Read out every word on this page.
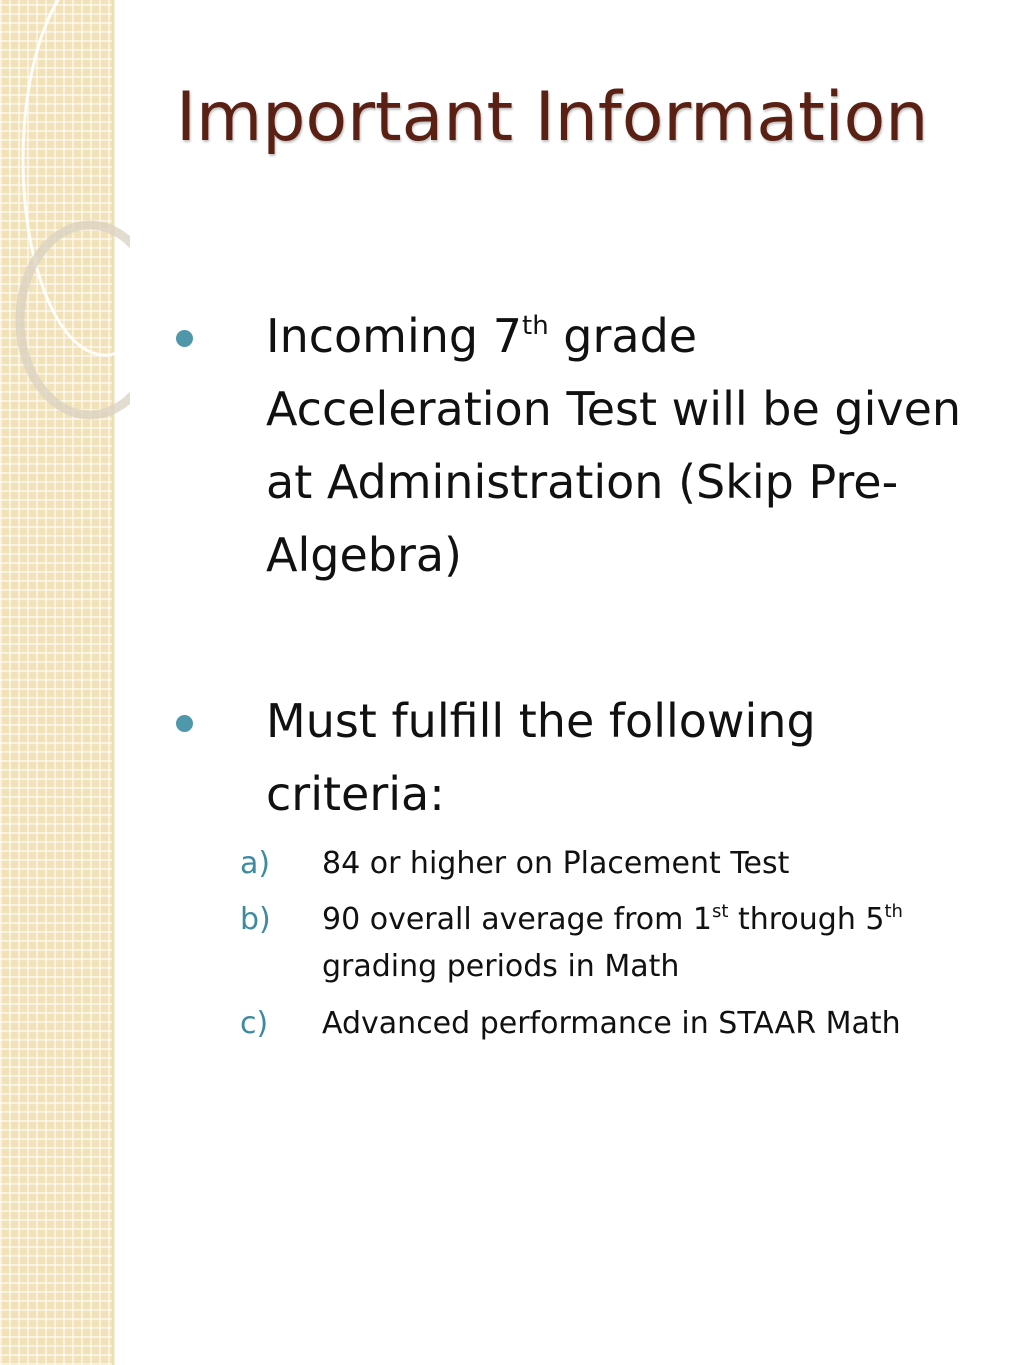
Important Information
Incoming 7th grade Acceleration Test will be given at Administration (Skip Pre- Algebra)
Must fulfill the following criteria:
a) 84 or higher on Placement Test
b) 90 overall average from 1st through 5th grading periods in Math
c) Advanced performance in STAAR Math
